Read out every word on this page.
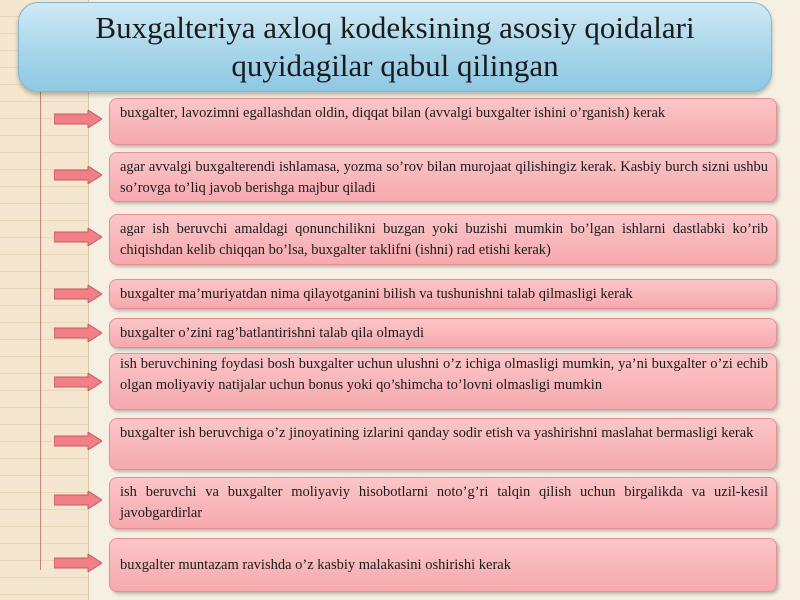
Buxgalteriya axloq kodeksining asosiy qoidalari
quyidagilar qabul qilingan
buxgalter, lavozimni egallashdan oldin, diqqat bilan (avvalgi buxgalter ishini o’rganish) kerak
agar avvalgi buxgalterendi ishlamasa, yozma so’rov bilan murojaat qilishingiz kerak. Kasbiy burch sizni ushbu so’rovga to’liq javob berishga majbur qiladi
agar ish beruvchi amaldagi qonunchilikni buzgan yoki buzishi mumkin bo’lgan ishlarni dastlabki ko’rib chiqishdan kelib chiqqan bo’lsa, buxgalter taklifni (ishni) rad etishi kerak)
buxgalter ma’muriyatdan nima qilayotganini bilish va tushunishni talab qilmasligi kerak
buxgalter o’zini rag’batlantirishni talab qila olmaydi
ish beruvchining foydasi bosh buxgalter uchun ulushni o’z ichiga olmasligi mumkin, ya’ni buxgalter o’zi echib olgan moliyaviy natijalar uchun bonus yoki qo’shimcha to’lovni olmasligi mumkin
buxgalter ish beruvchiga o’z jinoyatining izlarini qanday sodir etish va yashirishni maslahat bermasligi kerak
ish beruvchi va buxgalter moliyaviy hisobotlarni noto’g’ri talqin qilish uchun birgalikda va uzil-kesil javobgardirlar
buxgalter muntazam ravishda o’z kasbiy malakasini oshirishi kerak
